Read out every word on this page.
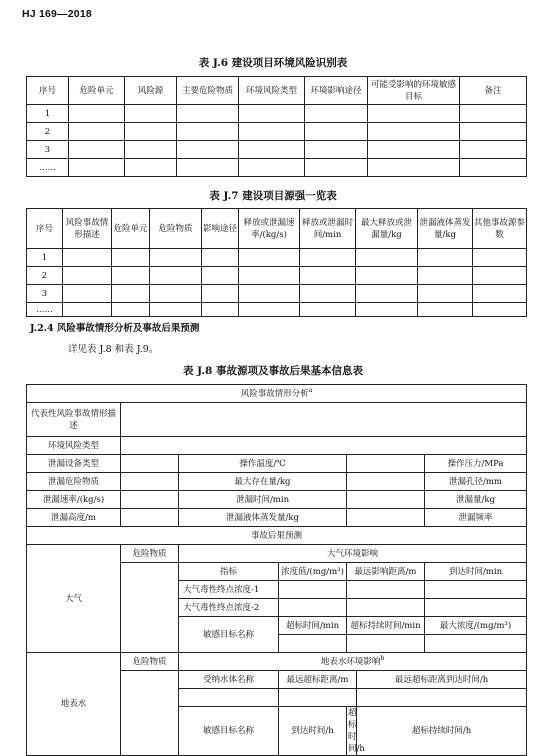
HJ 169—2018
表 J.6 建设项目环境风险识别表
序号	危险单元	风险源	主要危险物质	环境风险类型	环境影响途径	可能受影响的环境敏感目标	备注
1							
2							
3							
……							
表 J.7 建设项目源强一览表
序号	风险事故情形描述	危险单元	危险物质	影响途径	释放或泄漏速率/(kg/s)	释放或泄漏时间/min	最大释放或泄漏量/kg	泄漏液体蒸发量/kg	其他事故源参数
1									
2									
3									
……									
J.2.4 风险事故情形分析及事故后果预测
详见表 J.8 和表 J.9。
表 J.8 事故源项及事故后果基本信息表
风险事故情形分析$^a$
代表性风险事故情形描述							
环境风险类型							
泄漏设备类型		操作温度/℃				操作压力/MPa	
泄漏危险物质		最大存在量/kg				泄漏孔径/mm	
泄漏速率/(kg/s)		泄漏时间/min				泄漏量/kg	
泄漏高度/m		泄漏液体蒸发量/kg				泄漏频率	
事故后果预测							
大气	危险物质	大气环境影响					
		指标	浓度值/(mg/m³)	最远影响距离/m		到达时间/min	
		大气毒性终点浓度-1					
		大气毒性终点浓度-2					
		敏感目标名称	超标时间/min	超标持续时间/min		最大浓度/(mg/m³)	

地表水	危险物质	地表水环境影响$^b$
		受纳水体名称	最远超标距离/m		最远超标距离到达时间/h		

		敏感目标名称	到达时间/h	超标时间/h	超标持续时间/h	
